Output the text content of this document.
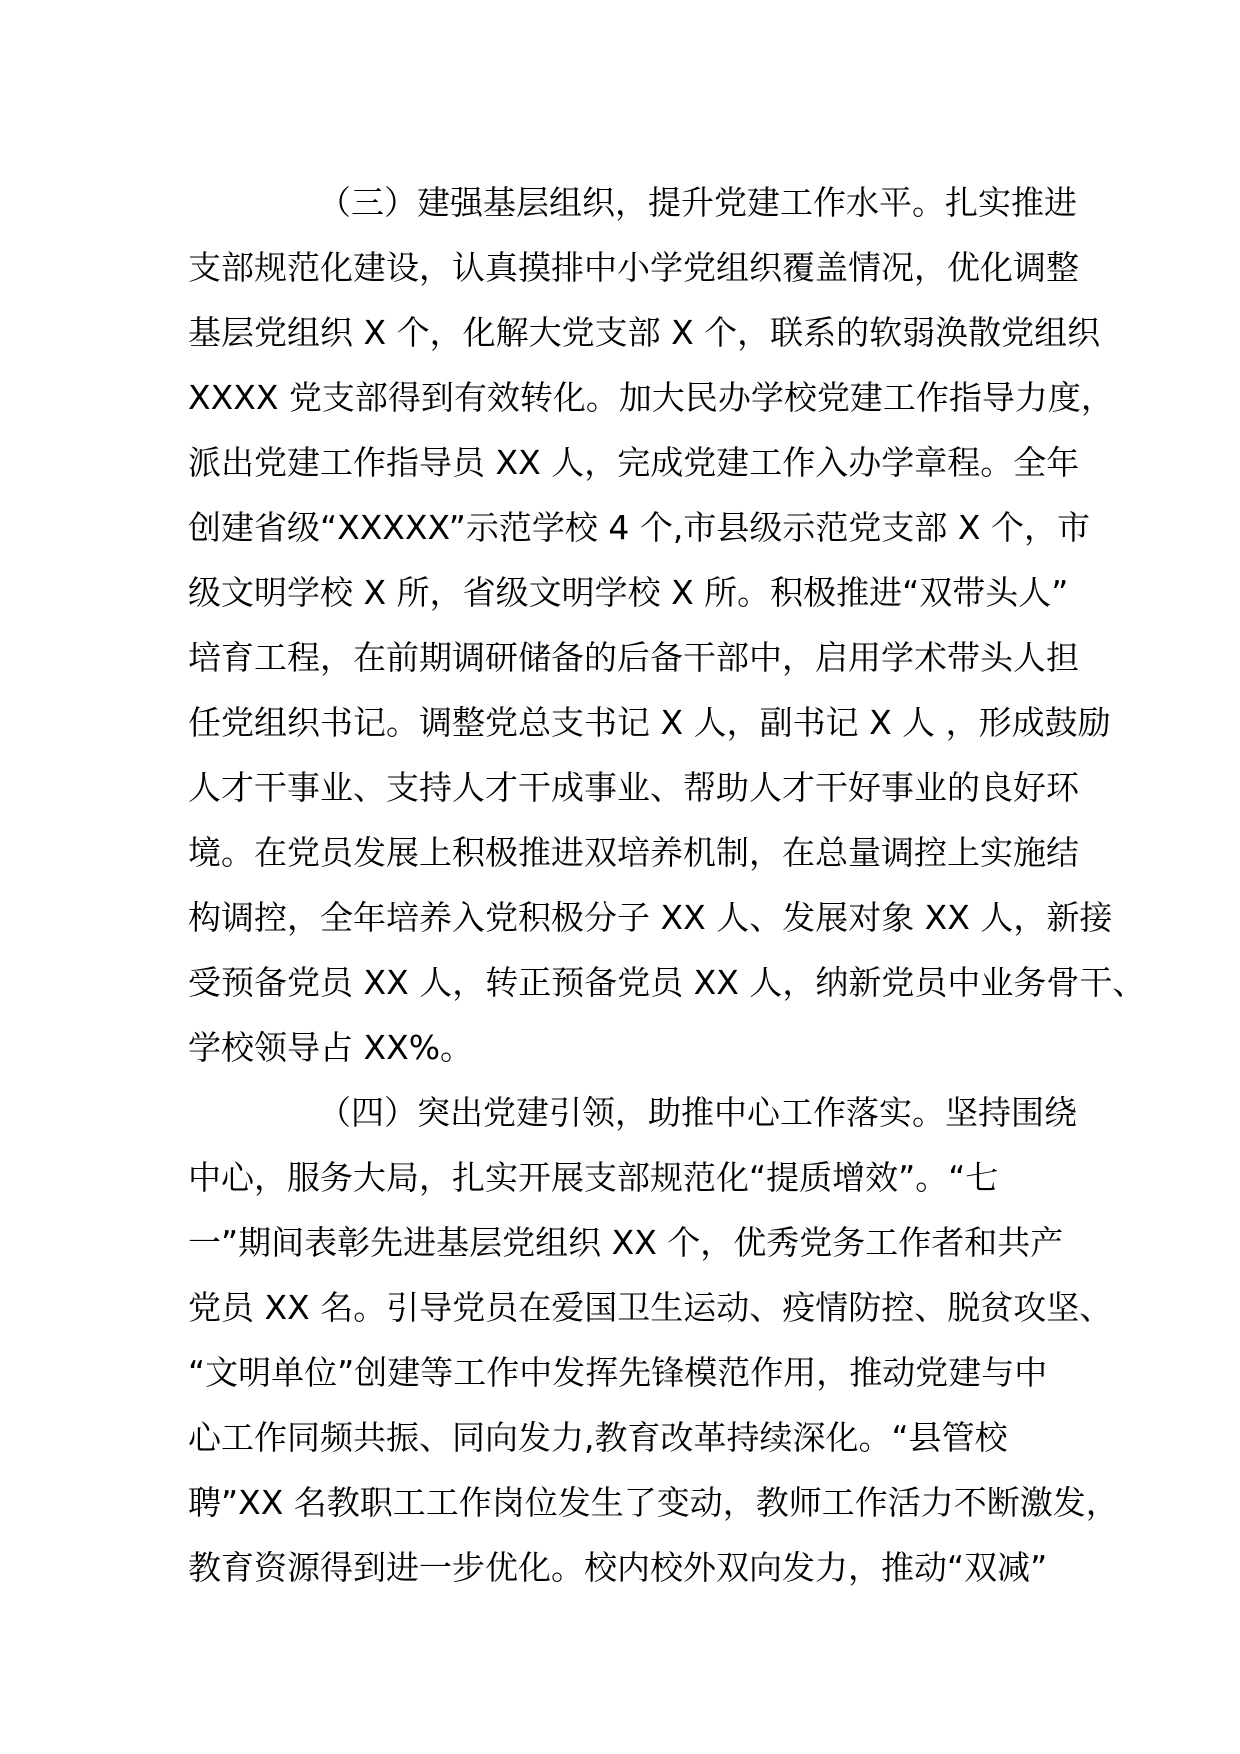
（三）建强基层组织，提升党建工作水平。扎实推进
支部规范化建设，认真摸排中小学党组织覆盖情况，优化调整
基层党组织 X 个，化解大党支部 X 个，联系的软弱涣散党组织
XXXX 党支部得到有效转化。加大民办学校党建工作指导力度，
派出党建工作指导员 XX 人，完成党建工作入办学章程。全年
创建省级“XXXXX”示范学校 4 个,市县级示范党支部 X 个，市
级文明学校 X 所，省级文明学校 X 所。积极推进“双带头人”
培育工程，在前期调研储备的后备干部中，启用学术带头人担
任党组织书记。调整党总支书记 X 人，副书记 X 人 ，形成鼓励
人才干事业、支持人才干成事业、帮助人才干好事业的良好环
境。在党员发展上积极推进双培养机制，在总量调控上实施结
构调控，全年培养入党积极分子 XX 人、发展对象 XX 人，新接
受预备党员 XX 人，转正预备党员 XX 人，纳新党员中业务骨干、
学校领导占 XX%。
（四）突出党建引领，助推中心工作落实。坚持围绕
中心，服务大局，扎实开展支部规范化“提质增效”。“七
一”期间表彰先进基层党组织 XX 个，优秀党务工作者和共产
党员 XX 名。引导党员在爱国卫生运动、疫情防控、脱贫攻坚、
“文明单位”创建等工作中发挥先锋模范作用，推动党建与中
心工作同频共振、同向发力,教育改革持续深化。“县管校
聘”XX 名教职工工作岗位发生了变动，教师工作活力不断激发，
教育资源得到进一步优化。校内校外双向发力，推动“双减”
